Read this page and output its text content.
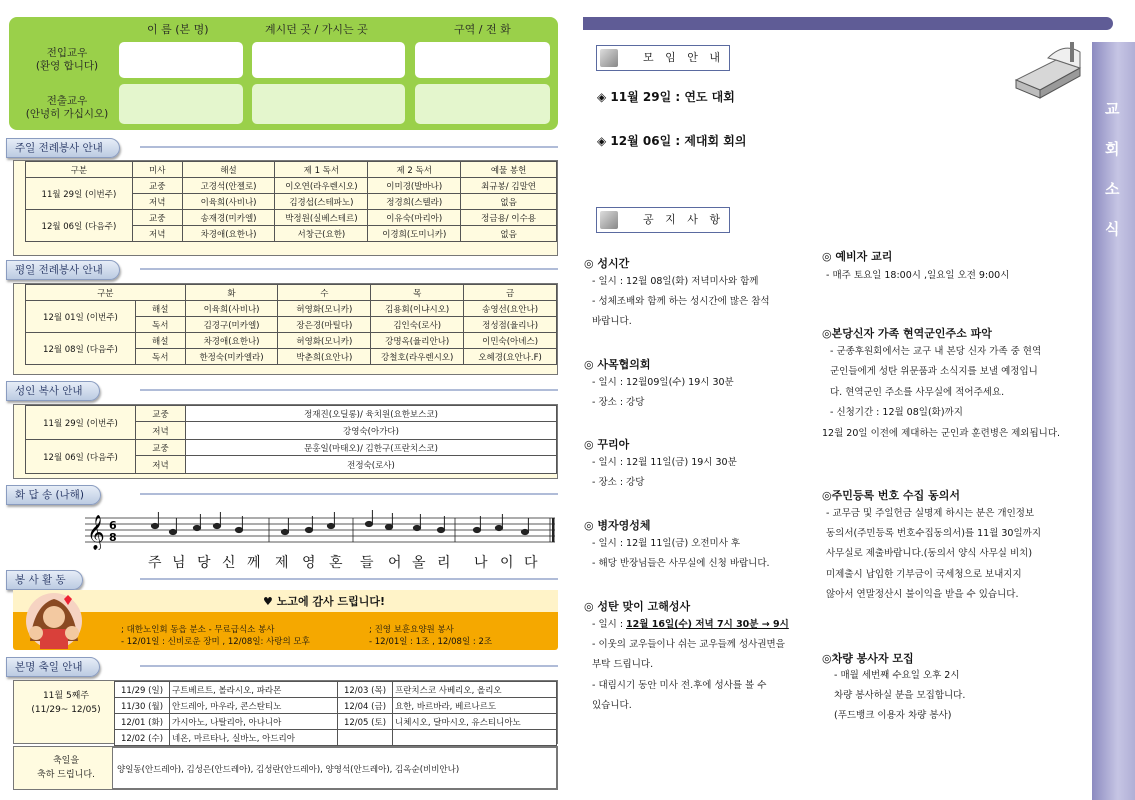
이 름 (본 명)	계시던 곳 / 가시는 곳	구역 / 전 화
전입교우
(환영 합니다)
전출교우
(안녕히 가십시오)
주일 전례봉사 안내
구분	미사	해설	제 1 독서	제 2 독서	예물 봉헌
11월 29일 (이번주)	교중	고경석(안젤로)	이오연(라우렌시오)	이미경(발바나)	최규봉/ 김말연
	저녁	이육희(사비나)	김경섭(스테파노)	정경희(스텔라)	없음
12월 06일 (다음주)	교중	송재경(미카엘)	박정원(실베스테르)	이유숙(마리아)	정금용/ 이수용
	저녁	차경애(요한나)	서창근(요한)	이경희(도미니카)	없음
평일 전례봉사 안내
구분		화	수	목	금
12월 01일 (이번주)	해설	이육희(사비나)	허영화(모니카)	김용회(이냐시오)	송영선(요안나)
	독서	김경구(미카엘)	장은경(마틸다)	김인숙(로사)	정성점(율리나)
12월 08일 (다음주)	해설	차경애(요한나)	허영화(모니카)	강명옥(율리안나)	이민숙(아녜스)
	독서	한정숙(미카엘라)	박춘희(요안나)	강철호(라우렌시오)	오혜경(요안나.F)
성인 복사 안내
11월 29일 (이번주)	교중	정재진(오딜롱)/ 육치원(요한보스코)
	저녁	강영숙(아가다)
12월 06일 (다음주)	교중	문홍일(마태오)/ 김한구(프란치스코)
	저녁	전정숙(로사)
화 답 송 (나해)
𝄞 6
8
주 님 당 신 께 제 영 혼 들 어 올 리 나 이 다
봉 사 활 동
♥ 노고에 감사 드립니다!
; 대한노인회 동읍 분소 - 무료급식소 봉사
- 12/01일 : 신비로운 장미 , 12/08일: 사랑의 모후
; 진영 보훈요양원 봉사
- 12/01일 : 1조 , 12/08일 : 2조
본명 축일 안내
11월 5째주
(11/29~ 12/05)
11/29 (일)	구트베르트, 볼라시오, 파라몬	12/03 (목)	프란치스코 사베리오, 올리오
11/30 (월)	안드레아, 마우라, 콘스탄티노	12/04 (금)	요한, 바르바라, 베르나르도
12/01 (화)	가시아노, 나탈리아, 아나니아	12/05 (토)	니체시오, 달마시오, 유스티니아노
12/02 (수)	네온, 마르타나, 실바노, 아드리아		
축일을
축하 드립니다.	양일동(안드레아), 김성은(안드레아), 김성란(안드레아), 양영석(안드레아), 김옥순(비비안나)
교
회
소
식
모 임 안 내
◈ 11월 29일 : 연도 대회
◈ 12월 06일 : 제대회 회의
공 지 사 항
◎ 성시간
- 일시 : 12월 08일(화) 저녁미사와 함께
- 성체조배와 함께 하는 성시간에 많은 참석
바랍니다.
◎ 사목협의회
- 일시 : 12월09일(수) 19시 30분
- 장소 : 강당
◎ 꾸리아
- 일시 : 12월 11일(금) 19시 30분
- 장소 : 강당
◎ 병자영성체
- 일시 : 12월 11일(금) 오전미사 후
- 해당 반장님들은 사무실에 신청 바랍니다.
◎ 성탄 맞이 고해성사
- 일시 : 12월 16일(수) 저녁 7시 30분 → 9시
- 이웃의 교우들이나 쉬는 교우들께 성사권면을
부탁 드립니다.
- 대림시기 동안 미사 전.후에 성사를 볼 수
있습니다.
◎ 예비자 교리
- 매주 토요일 18:00시 ,일요일 오전 9:00시
◎본당신자 가족 현역군인주소 파악
- 군종후원회에서는 교구 내 본당 신자 가족 중 현역
군인들에게 성탄 위문품과 소식지를 보낼 예정입니
다. 현역군인 주소를 사무실에 적어주세요.
- 신청기간 : 12월 08일(화)까지
12월 20일 이전에 제대하는 군인과 훈련병은 제외됩니다.
◎주민등록 번호 수집 동의서
- 교무금 및 주일헌금 실명제 하시는 분은 개인정보
동의서(주민등록 번호수집동의서)를 11월 30일까지
사무실로 제출바랍니다.(동의서 양식 사무실 비치)
미제출시 납입한 기부금이 국세청으로 보내지지
않아서 연말정산시 불이익을 받을 수 있습니다.
◎차량 봉사자 모집
- 매월 세번째 수요일 오후 2시
차량 봉사하실 분을 모집합니다.
(푸드뱅크 이용자 차량 봉사)
